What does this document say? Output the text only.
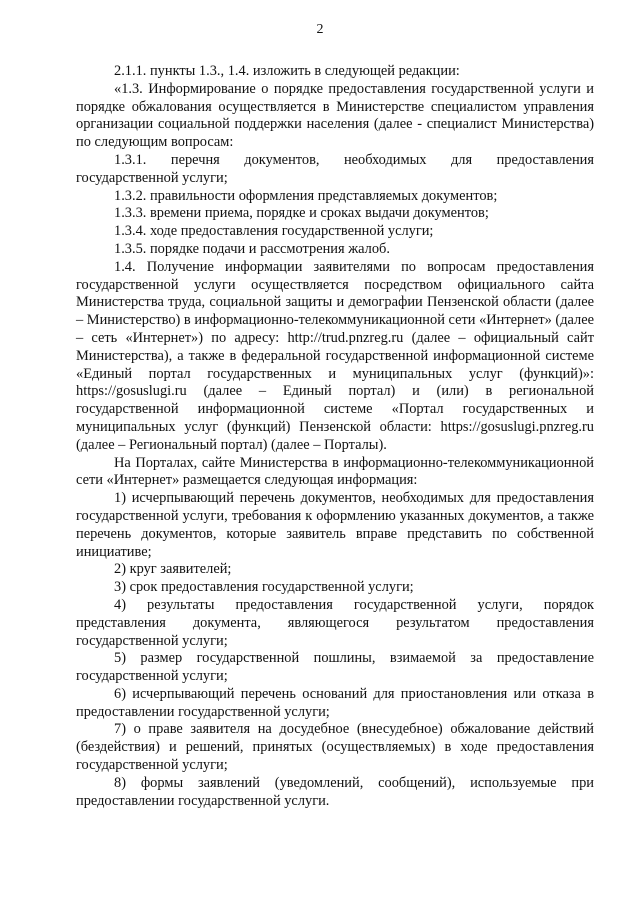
2

2.1.1. пункты 1.3., 1.4. изложить в следующей редакции:

«1.3. Информирование о порядке предоставления государственной услуги и порядке обжалования осуществляется в Министерстве специалистом управления организации социальной поддержки населения (далее - специалист Министерства) по следующим вопросам:

1.3.1. перечня документов, необходимых для предоставления государственной услуги;

1.3.2. правильности оформления представляемых документов;

1.3.3. времени приема, порядке и сроках выдачи документов;

1.3.4. ходе предоставления государственной услуги;

1.3.5. порядке подачи и рассмотрения жалоб.

1.4. Получение информации заявителями по вопросам предоставления государственной услуги осуществляется посредством официального сайта Министерства труда, социальной защиты и демографии Пензенской области (далее – Министерство) в информационно-телекоммуникационной сети «Интернет» (далее – сеть «Интернет») по адресу: http://trud.pnzreg.ru (далее – официальный сайт Министерства), а также в федеральной государственной информационной системе «Единый портал государственных и муниципальных услуг (функций)»: https://gosuslugi.ru (далее – Единый портал) и (или) в региональной государственной информационной системе «Портал государственных и муниципальных услуг (функций) Пензенской области: https://gosuslugi.pnzreg.ru (далее – Региональный портал) (далее – Порталы).

На Порталах, сайте Министерства в информационно-телекоммуникационной сети «Интернет» размещается следующая информация:

1) исчерпывающий перечень документов, необходимых для предоставления государственной услуги, требования к оформлению указанных документов, а также перечень документов, которые заявитель вправе представить по собственной инициативе;

2) круг заявителей;

3) срок предоставления государственной услуги;

4) результаты предоставления государственной услуги, порядок представления документа, являющегося результатом предоставления государственной услуги;

5) размер государственной пошлины, взимаемой за предоставление государственной услуги;

6) исчерпывающий перечень оснований для приостановления или отказа в предоставлении государственной услуги;

7) о праве заявителя на досудебное (внесудебное) обжалование действий (бездействия) и решений, принятых (осуществляемых) в ходе предоставления государственной услуги;

8) формы заявлений (уведомлений, сообщений), используемые при предоставлении государственной услуги.
